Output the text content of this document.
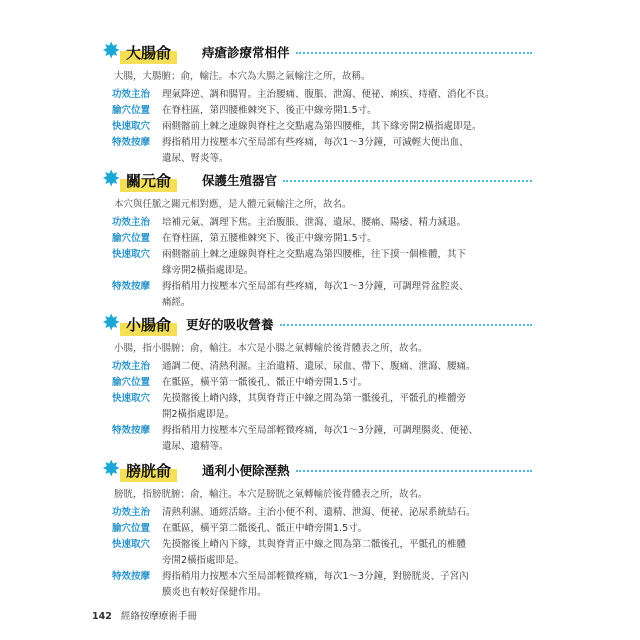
✸ 大腸俞	痔瘡診療常相伴
大腸，大腸腑；俞，輸注。本穴為大腸之氣輸注之所，故稱。
功效主治	理氣降逆、調和腸胃。主治腰痛、腹脹、泄瀉、便祕、痢疾、痔瘡、消化不良。
腧穴位置	在脊柱區，第四腰椎棘突下、後正中線旁開1.5寸。
快速取穴	兩側髂前上棘之連線與脊柱之交點處為第四腰椎，其下緣旁開2橫指處即是。
特效按摩	拇指稍用力按壓本穴至局部有些疼痛，每次1～3分鐘，可減輕大便出血、
遺尿、腎炎等。
✸ 關元俞	保護生殖器官
本穴與任脈之關元相對應，是人體元氣輸注之所，故名。
功效主治	培補元氣、調理下焦。主治腹脹、泄瀉、遺尿、腰痛、陽痿、精力減退。
腧穴位置	在脊柱區，第五腰椎棘突下、後正中線旁開1.5寸。
快速取穴	兩側髂前上棘之連線與脊柱之交點處為第四腰椎，往下摸一個椎體，其下
緣旁開2橫指處即是。
特效按摩	拇指稍用力按壓本穴至局部有些疼痛，每次1～3分鐘，可調理骨盆腔炎、
痛經。
✸ 小腸俞	更好的吸收營養
小腸，指小腸腑；俞，輸注。本穴是小腸之氣轉輸於後背體表之所，故名。
功效主治	通調二便、清熱利濕。主治遺精、遺尿、尿血、帶下、腹痛、泄瀉、腰痛。
腧穴位置	在骶區，橫平第一骶後孔、骶正中嵴旁開1.5寸。
快速取穴	先摸髂後上嵴內緣，其與脊背正中線之間為第一骶後孔，平骶孔的椎體旁
開2橫指處即是。
特效按摩	拇指稍用力按壓本穴至局部輕微疼痛，每次1～3分鐘，可調理腸炎、便祕、
遺尿、遺精等。
✸ 膀胱俞	通利小便除溼熱
膀胱，指膀胱腑；俞，輸注。本穴是膀胱之氣轉輸於後背體表之所，故名。
功效主治	清熱利濕、通經活絡。主治小便不利、遺精、泄瀉、便祕、泌尿系統結石。
腧穴位置	在骶區，橫平第二骶後孔、骶正中嵴旁開1.5寸。
快速取穴	先摸髂後上嵴內下緣，其與脊背正中線之間為第二骶後孔，平骶孔的椎體
旁開2橫指處即是。
特效按摩	拇指稍用力按壓本穴至局部輕微疼痛，每次1～3分鐘，對膀胱炎、子宮內
膜炎也有較好保健作用。
142 經絡按摩療術手冊
